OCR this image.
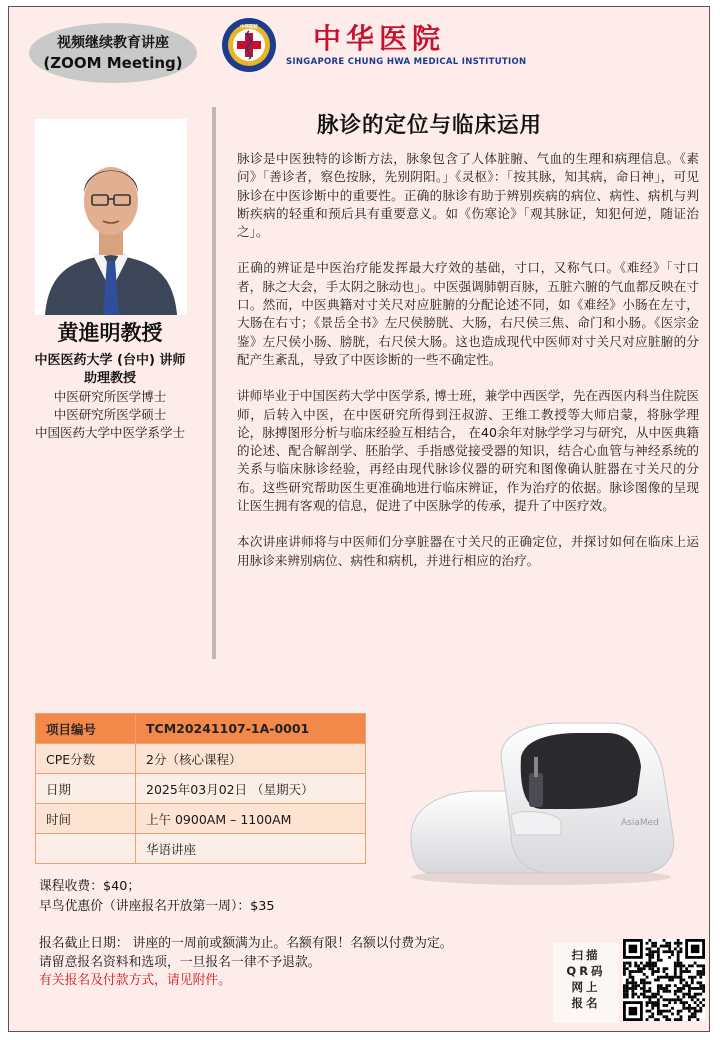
视频继续教育讲座
(ZOOM Meeting)
中华医院 中华医院
SINGAPORE CHUNG HWA MEDICAL INSTITUTION
黄進明教授
中医医药大学 (台中) 讲师
助理教授
中医研究所医学博士
中医研究所医学硕士
中国医药大学中医学系学士
脉诊的定位与临床运用

脉诊是中医独特的诊断方法，脉象包含了人体脏腑、气血的生理和病理信息。《素问》「善诊者，察色按脉，先别阴阳。」《灵枢》：「按其脉，知其病，命日神」，可见脉诊在中医诊断中的重要性。正确的脉诊有助于辨别疾病的病位、病性、病机与判断疾病的轻重和预后具有重要意义。如《伤寒论》「观其脉证，知犯何逆，随证治之」。

正确的辨证是中医治疗能发挥最大疗效的基础，寸口，又称气口。《难经》「寸口者，脉之大会，手太阴之脉动也」。中医强调肺朝百脉，五脏六腑的气血都反映在寸口。然而，中医典籍对寸关尺对应脏腑的分配论述不同，如《难经》小肠在左寸，大肠在右寸；《景岳全书》左尺侯膀胱、大肠，右尺侯三焦、命门和小肠。《医宗金鉴》左尺侯小肠、膀胱，右尺侯大肠。这也造成现代中医师对寸关尺对应脏腑的分配产生紊乱，导致了中医诊断的一些不确定性。

讲师毕业于中国医药大学中医学系, 博士班，兼学中西医学，先在西医内科当住院医师，后转入中医，在中医研究所得到汪叔游、王维工教授等大师启蒙，将脉学理论，脉搏图形分析与临床经验互相结合， 在40余年对脉学学习与研究，从中医典籍的论述、配合解剖学、胚胎学、手指感觉接受器的知识，结合心血管与神经系统的关系与临床脉诊经验，再经由现代脉诊仪器的研究和图像确认脏器在寸关尺的分布。这些研究帮助医生更准确地进行临床辨证，作为治疗的依据。脉诊图像的呈现让医生拥有客观的信息，促进了中医脉学的传承，提升了中医疗效。

本次讲座讲师将与中医师们分享脏器在寸关尺的正确定位，并探讨如何在临床上运用脉诊来辨别病位、病性和病机，并进行相应的治疗。

项目编号	TCM20241107-1A-0001
CPE分数	2分（核心课程）
日期	2025年03月02日 （星期天）
时间	上午 0900AM – 1100AM
	华语讲座
AsiaMed
课程收费：$40；
早鸟优惠价（讲座报名开放第一周）：$35
报名截止日期： 讲座的一周前或额满为止。名额有限！名额以付费为定。
请留意报名资料和选项，一旦报名一律不予退款。
有关报名及付款方式，请见附件。
扫描
QR码
网上
报名
